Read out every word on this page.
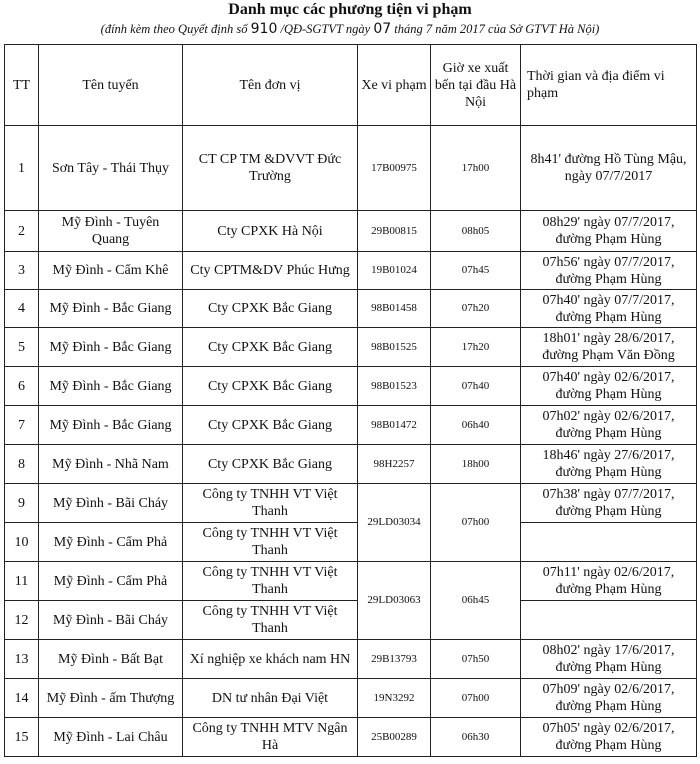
Danh mục các phương tiện vi phạm
(đính kèm theo Quyết định số 910 /QĐ-SGTVT ngày 07 tháng 7 năm 2017 của Sở GTVT Hà Nội)
TT	Tên tuyến	Tên đơn vị	Xe vi phạm	Giờ xe xuất bến tại đầu Hà Nội	Thời gian và địa điểm vi phạm
1	Sơn Tây - Thái Thụy	CT CP TM &DVVT Đức Trường	17B00975	17h00	8h41' đường Hồ Tùng Mậu, ngày 07/7/2017
2	Mỹ Đình - Tuyên Quang	Cty CPXK Hà Nội	29B00815	08h05	08h29' ngày 07/7/2017, đường Phạm Hùng
3	Mỹ Đình - Cẩm Khê	Cty CPTM&DV Phúc Hưng	19B01024	07h45	07h56' ngày 07/7/2017, đường Phạm Hùng
4	Mỹ Đình - Bắc Giang	Cty CPXK Bắc Giang	98B01458	07h20	07h40' ngày 07/7/2017, đường Phạm Hùng
5	Mỹ Đình - Bắc Giang	Cty CPXK Bắc Giang	98B01525	17h20	18h01' ngày 28/6/2017, đường Phạm Văn Đồng
6	Mỹ Đình - Bắc Giang	Cty CPXK Bắc Giang	98B01523	07h40	07h40' ngày 02/6/2017, đường Phạm Hùng
7	Mỹ Đình - Bắc Giang	Cty CPXK Bắc Giang	98B01472	06h40	07h02' ngày 02/6/2017, đường Phạm Hùng
8	Mỹ Đình - Nhã Nam	Cty CPXK Bắc Giang	98H2257	18h00	18h46' ngày 27/6/2017, đường Phạm Hùng
9	Mỹ Đình - Bãi Cháy	Công ty TNHH VT Việt Thanh	29LD03034	07h00	07h38' ngày 07/7/2017, đường Phạm Hùng
10	Mỹ Đình - Cẩm Phả	Công ty TNHH VT Việt Thanh			
11	Mỹ Đình - Cẩm Phả	Công ty TNHH VT Việt Thanh	29LD03063	06h45	07h11' ngày 02/6/2017, đường Phạm Hùng
12	Mỹ Đình - Bãi Cháy	Công ty TNHH VT Việt Thanh			
13	Mỹ Đình - Bất Bạt	Xí nghiệp xe khách nam HN	29B13793	07h50	08h02' ngày 17/6/2017, đường Phạm Hùng
14	Mỹ Đình - ấm Thượng	DN tư nhân Đại Việt	19N3292	07h00	07h09' ngày 02/6/2017, đường Phạm Hùng
15	Mỹ Đình - Lai Châu	Công ty TNHH MTV Ngân Hà	25B00289	06h30	07h05' ngày 02/6/2017, đường Phạm Hùng
